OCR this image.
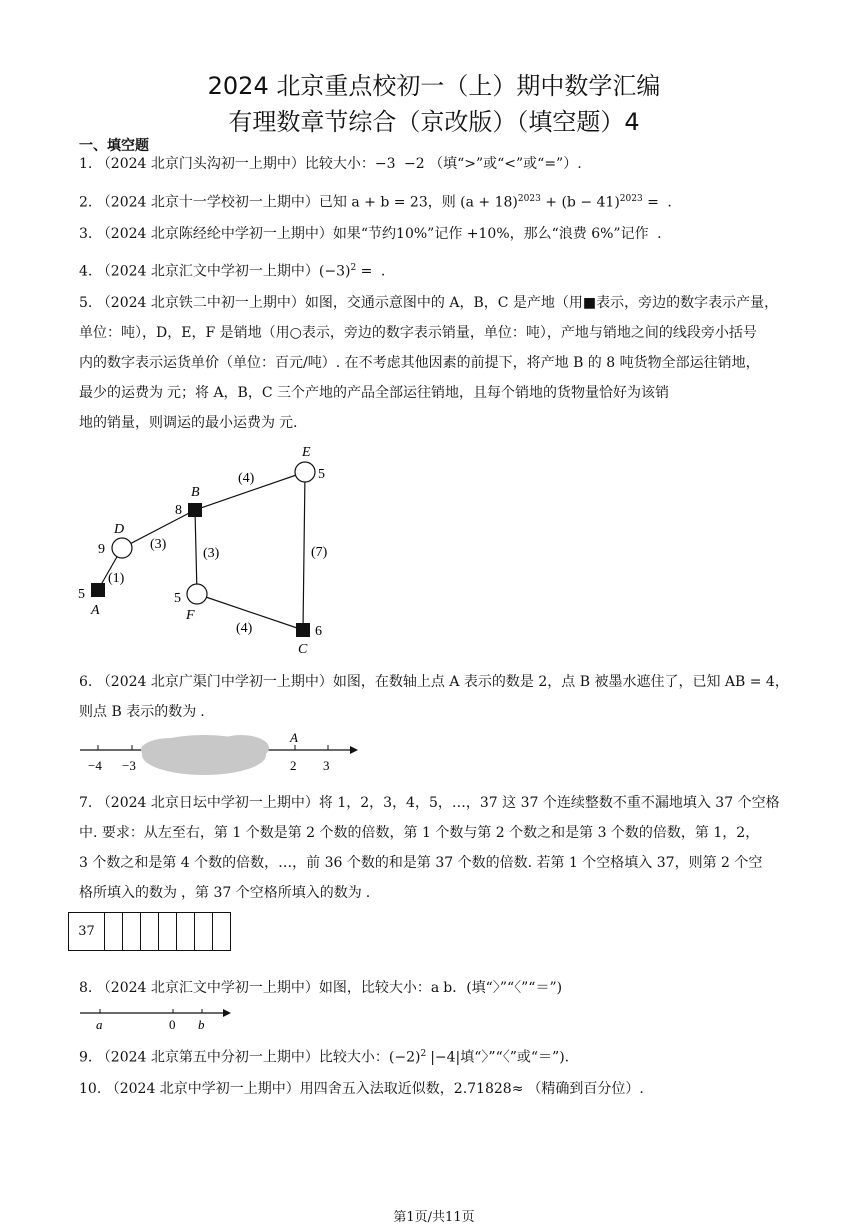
2024 北京重点校初一（上）期中数学汇编
有理数章节综合（京改版）（填空题）4
一、填空题
1. （2024 北京门头沟初一上期中）比较大小：−3 −2 （填“>”或“<”或“=”）.
2. （2024 北京十一学校初一上期中）已知 a + b = 23，则 $(a + 18)^{2023} + (b - 41)^{2023}$ = .
3. （2024 北京陈经纶中学初一上期中）如果“节约10%”记作 +10%，那么“浪费 6%”记作 .
4. （2024 北京汇文中学初一上期中）$(-3)^2$ = .
5. （2024 北京铁二中初一上期中）如图，交通示意图中的 A，B，C 是产地（用■表示，旁边的数字表示产量，
单位：吨），D，E，F 是销地（用○表示，旁边的数字表示销量，单位：吨），产地与销地之间的线段旁小括号
内的数字表示运货单价（单位：百元/吨）. 在不考虑其他因素的前提下，将产地 B 的 8 吨货物全部运往销地，
最少的运费为 元；将 A，B，C 三个产地的产品全部运往销地，且每个销地的货物量恰好为该销
地的销量，则调运的最小运费为 元.
E
5
B
8
D
9
F
5
A
5
C
6
(4)
(3)
(3)	(7)
(1)
(4)
6. （2024 北京广渠门中学初一上期中）如图，在数轴上点 A 表示的数是 2，点 B 被墨水遮住了，已知 AB = 4，
则点 B 表示的数为 .
A
−4 −3	2 3
7. （2024 北京日坛中学初一上期中）将 1，2，3，4，5，…，37 这 37 个连续整数不重不漏地填入 37 个空格
中. 要求：从左至右，第 1 个数是第 2 个数的倍数，第 1 个数与第 2 个数之和是第 3 个数的倍数，第 1，2，
3 个数之和是第 4 个数的倍数，…，前 36 个数的和是第 37 个数的倍数. 若第 1 个空格填入 37，则第 2 个空
格所填入的数为 ，第 37 个空格所填入的数为 .
37
8. （2024 北京汇文中学初一上期中）如图，比较大小：a b．(填“〉”“〈”“＝”)
a	0 b
9. （2024 北京第五中分初一上期中）比较大小：$(-2)^2$ |−4|填“〉”“〈”或“＝”).
10. （2024 北京中学初一上期中）用四舍五入法取近似数，2.71828≈ （精确到百分位）.
第1页/共11页
